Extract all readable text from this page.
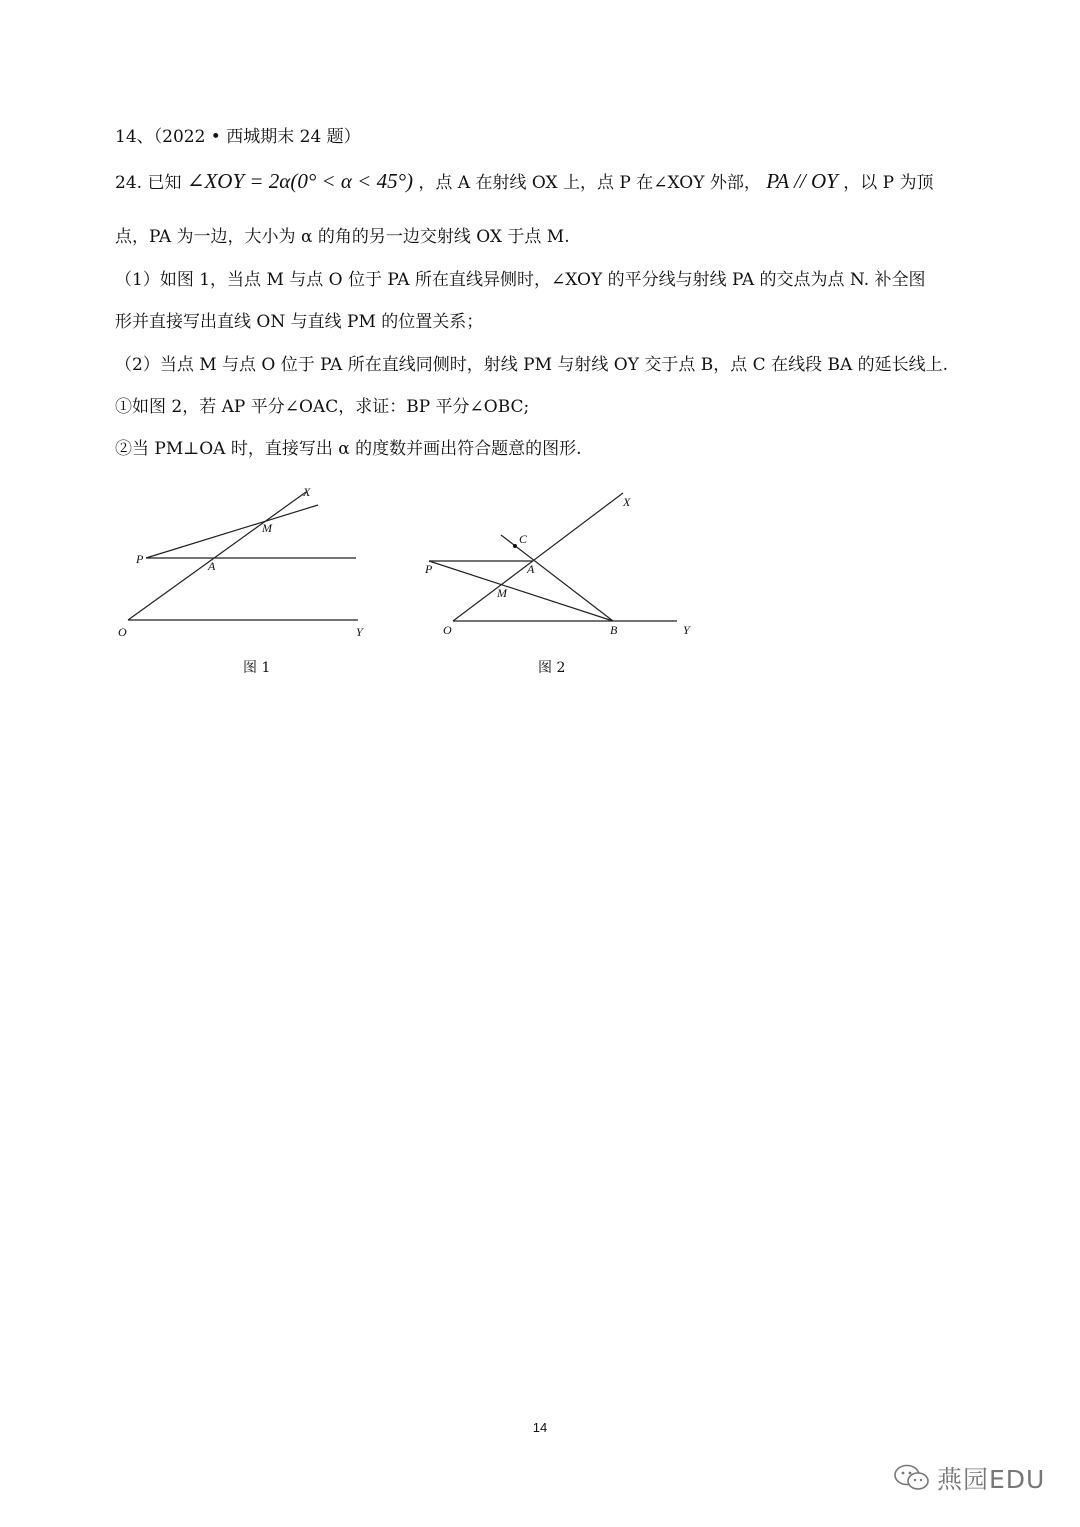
14、（2022 • 西城期末 24 题）
24. 已知 ∠XOY = 2α(0° < α < 45°) ，点 A 在射线 OX 上，点 P 在∠XOY 外部， PA // OY ，以 P 为顶
点，PA 为一边，大小为 α 的角的另一边交射线 OX 于点 M.
（1）如图 1，当点 M 与点 O 位于 PA 所在直线异侧时，∠XOY 的平分线与射线 PA 的交点为点 N. 补全图
形并直接写出直线 ON 与直线 PM 的位置关系；
（2）当点 M 与点 O 位于 PA 所在直线同侧时，射线 PM 与射线 OY 交于点 B，点 C 在线段 BA 的延长线上.
①如图 2，若 AP 平分∠OAC，求证：BP 平分∠OBC;
②当 PM⊥OA 时，直接写出 α 的度数并画出符合题意的图形.
X
M
P	A
O	Y
图 1
X
C
P	A
M
O	B	Y
图 2
14
燕园EDU
